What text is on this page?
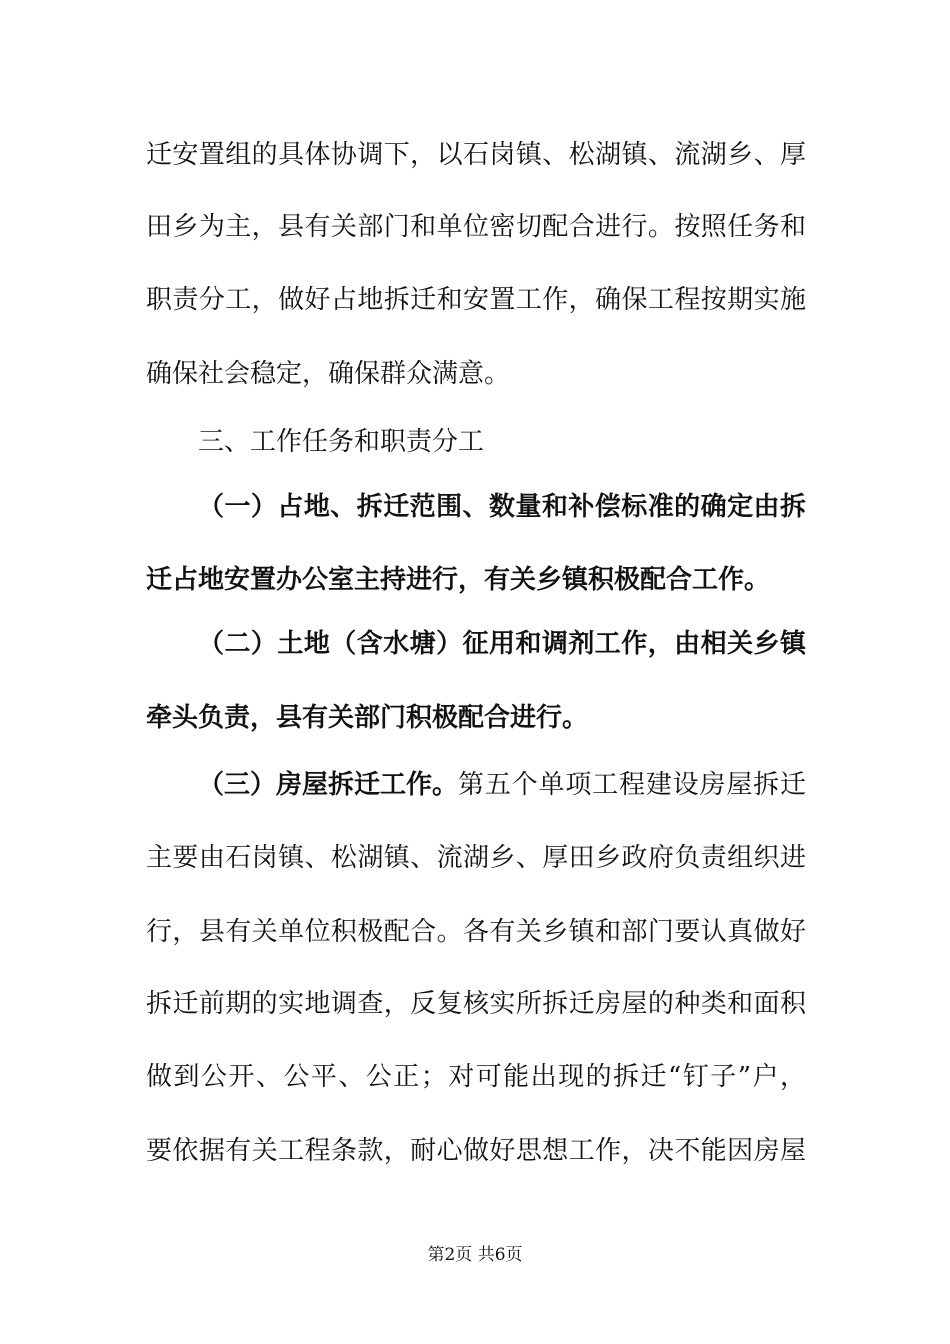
迁安置组的具体协调下，以石岗镇、松湖镇、流湖乡、厚
田乡为主，县有关部门和单位密切配合进行。按照任务和
职责分工，做好占地拆迁和安置工作，确保工程按期实施
确保社会稳定，确保群众满意。
三、工作任务和职责分工
（一）占地、拆迁范围、数量和补偿标准的确定由拆
迁占地安置办公室主持进行，有关乡镇积极配合工作。
（二）土地（含水塘）征用和调剂工作，由相关乡镇
牵头负责，县有关部门积极配合进行。
（三）房屋拆迁工作。 第五个单项工程建设房屋拆迁
主要由石岗镇、松湖镇、流湖乡、厚田乡政府负责组织进
行，县有关单位积极配合。各有关乡镇和部门要认真做好
拆迁前期的实地调查，反复核实所拆迁房屋的种类和面积
做到公开、公平、公正；对可能出现的拆迁“钉子”户，
要依据有关工程条款，耐心做好思想工作，决不能因房屋
第2页 共6页
